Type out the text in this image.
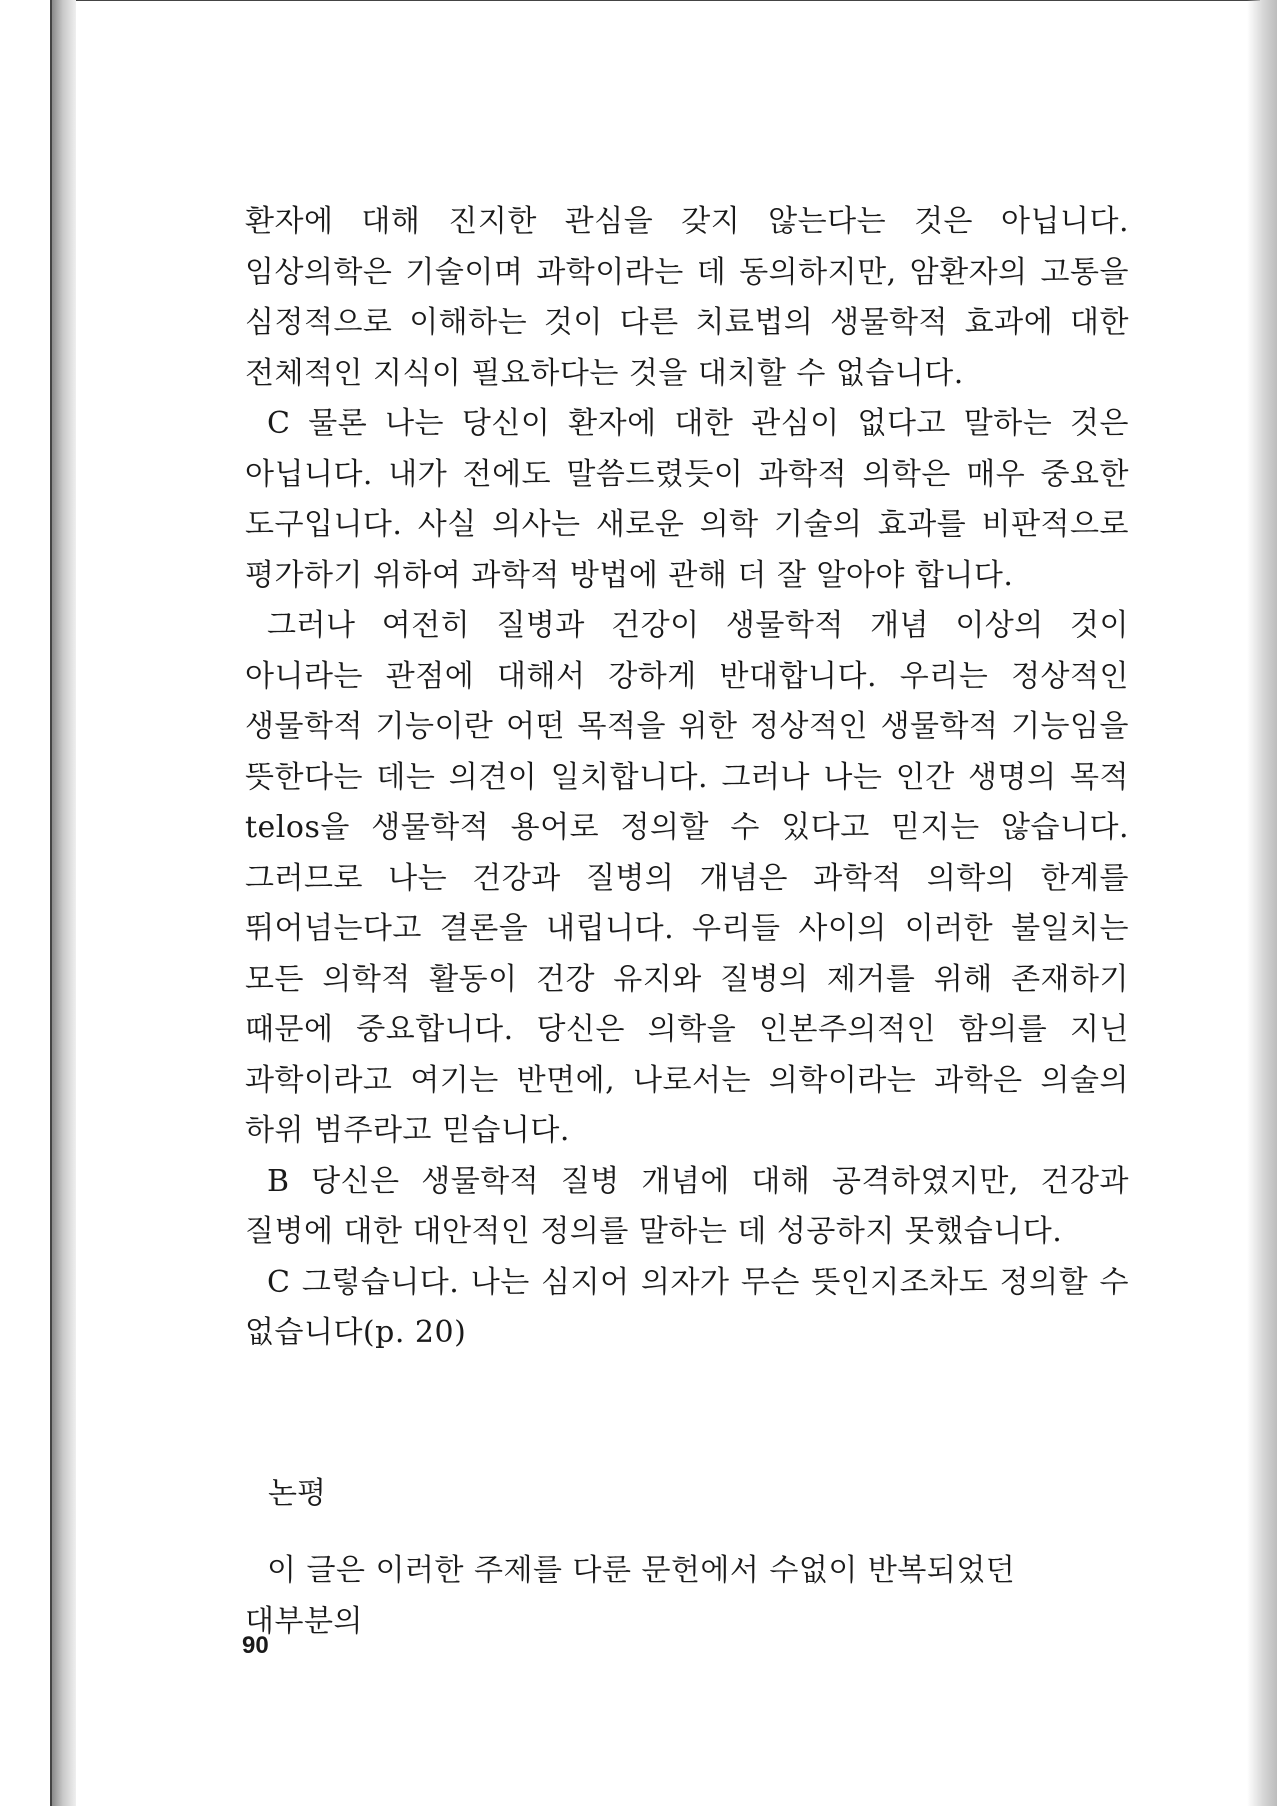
환자에 대해 진지한 관심을 갖지 않는다는 것은 아닙니다. 임상의학은 기술이며 과학이라는 데 동의하지만, 암환자의 고통을 심정적으로 이해하는 것이 다른 치료법의 생물학적 효과에 대한 전체적인 지식이 필요하다는 것을 대치할 수 없습니다.

C 물론 나는 당신이 환자에 대한 관심이 없다고 말하는 것은 아닙니다. 내가 전에도 말씀드렸듯이 과학적 의학은 매우 중요한 도구입니다. 사실 의사는 새로운 의학 기술의 효과를 비판적으로 평가하기 위하여 과학적 방법에 관해 더 잘 알아야 합니다.

그러나 여전히 질병과 건강이 생물학적 개념 이상의 것이 아니라는 관점에 대해서 강하게 반대합니다. 우리는 정상적인 생물학적 기능이란 어떤 목적을 위한 정상적인 생물학적 기능임을 뜻한다는 데는 의견이 일치합니다. 그러나 나는 인간 생명의 목적 telos을 생물학적 용어로 정의할 수 있다고 믿지는 않습니다. 그러므로 나는 건강과 질병의 개념은 과학적 의학의 한계를 뛰어넘는다고 결론을 내립니다. 우리들 사이의 이러한 불일치는 모든 의학적 활동이 건강 유지와 질병의 제거를 위해 존재하기 때문에 중요합니다. 당신은 의학을 인본주의적인 함의를 지닌 과학이라고 여기는 반면에, 나로서는 의학이라는 과학은 의술의 하위 범주라고 믿습니다.

B 당신은 생물학적 질병 개념에 대해 공격하였지만, 건강과 질병에 대한 대안적인 정의를 말하는 데 성공하지 못했습니다.

C 그렇습니다. 나는 심지어 의자가 무슨 뜻인지조차도 정의할 수 없습니다(p. 20)

논평

이 글은 이러한 주제를 다룬 문헌에서 수없이 반복되었던 대부분의

90
